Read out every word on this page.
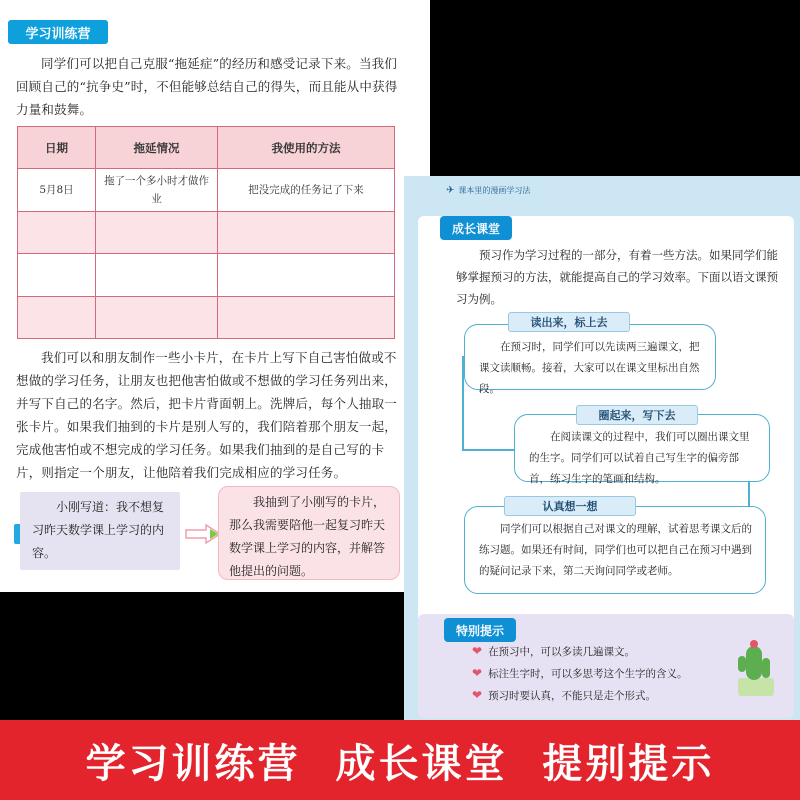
学习训练营

同学们可以把自己克服“拖延症”的经历和感受记录下来。当我们回顾自己的“抗争史”时，不但能够总结自己的得失，而且能从中获得力量和鼓舞。

日期	拖延情况	我使用的方法
5月8日	拖了一个多小时才做作业	把没完成的任务记了下来

我们可以和朋友制作一些小卡片，在卡片上写下自己害怕做或不想做的学习任务，让朋友也把他害怕做或不想做的学习任务列出来，并写下自己的名字。然后，把卡片背面朝上。洗牌后，每个人抽取一张卡片。如果我们抽到的卡片是别人写的，我们陪着那个朋友一起，完成他害怕或不想完成的学习任务。如果我们抽到的是自己写的卡片，则指定一个朋友，让他陪着我们完成相应的学习任务。

小刚写道：我不想复习昨天数学课上学习的内容。
我抽到了小刚写的卡片，那么我需要陪他一起复习昨天数学课上学习的内容，并解答他提出的问题。
✈ 课本里的漫画学习法
成长课堂

预习作为学习过程的一部分，有着一些方法。如果同学们能够掌握预习的方法，就能提高自己的学习效率。下面以语文课预习为例。

在预习时，同学们可以先读两三遍课文，把课文读顺畅。接着，大家可以在课文里标出自然段。
读出来，标上去
在阅读课文的过程中，我们可以圈出课文里的生字。同学们可以试着自己写生字的偏旁部首，练习生字的笔画和结构。
圈起来，写下去
同学们可以根据自己对课文的理解，试着思考课文后的练习题。如果还有时间，同学们也可以把自己在预习中遇到的疑问记录下来，第二天询问同学或老师。
认真想一想
特别提示
❤ 在预习中，可以多读几遍课文。
❤ 标注生字时，可以多思考这个生字的含义。
❤ 预习时要认真，不能只是走个形式。
学习训练营 成长课堂 提别提示
